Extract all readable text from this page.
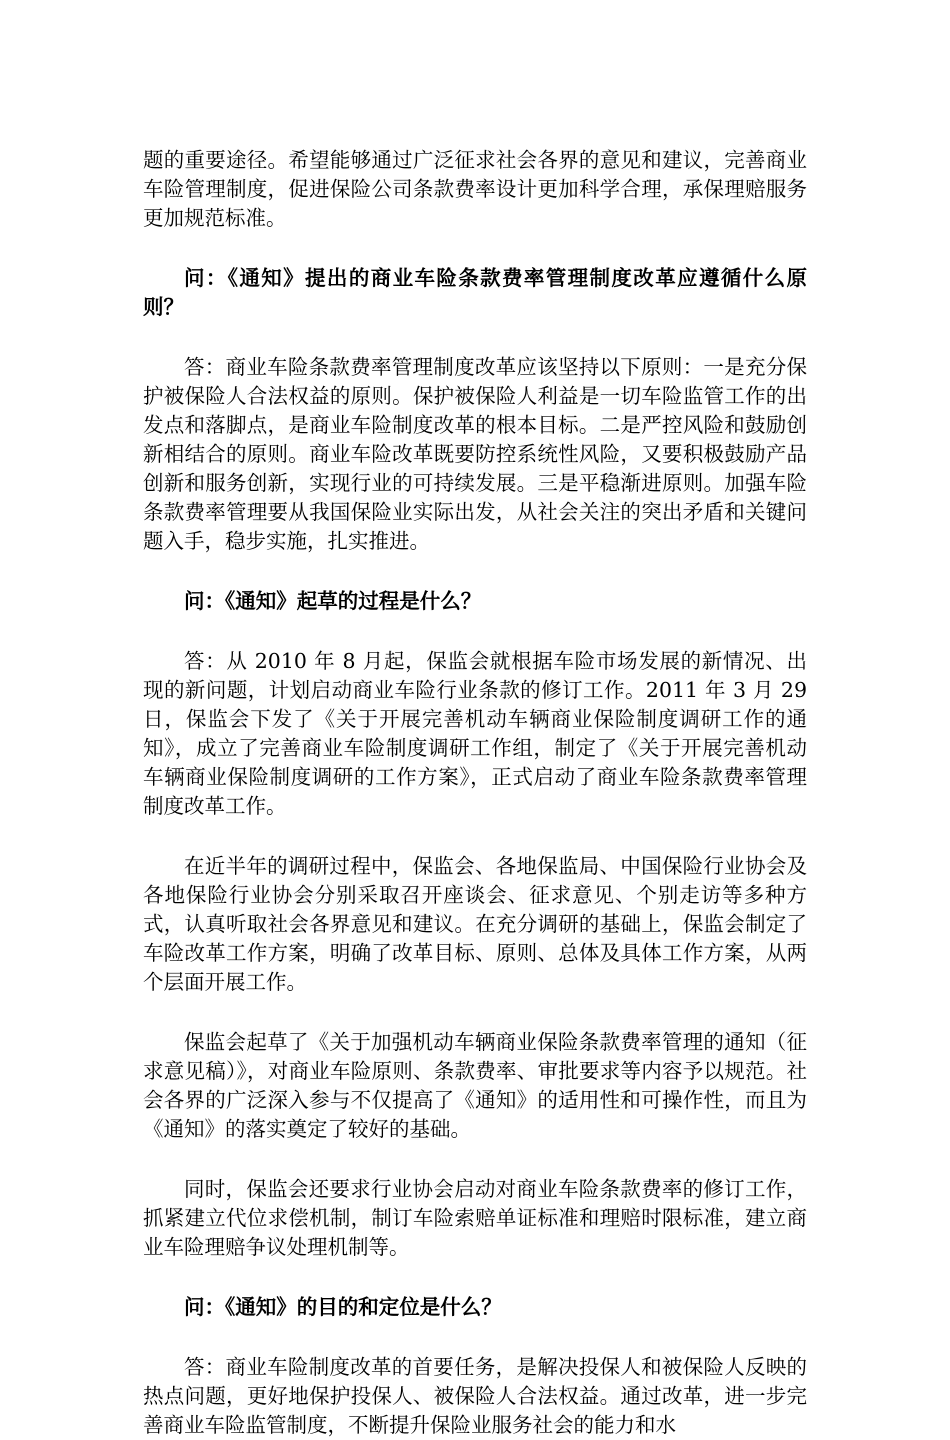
题的重要途径。希望能够通过广泛征求社会各界的意见和建议，完善商业车险管理制度，促进保险公司条款费率设计更加科学合理，承保理赔服务更加规范标准。

问：《通知》提出的商业车险条款费率管理制度改革应遵循什么原则？

答：商业车险条款费率管理制度改革应该坚持以下原则：一是充分保护被保险人合法权益的原则。保护被保险人利益是一切车险监管工作的出发点和落脚点，是商业车险制度改革的根本目标。二是严控风险和鼓励创新相结合的原则。商业车险改革既要防控系统性风险，又要积极鼓励产品创新和服务创新，实现行业的可持续发展。三是平稳渐进原则。加强车险条款费率管理要从我国保险业实际出发，从社会关注的突出矛盾和关键问题入手，稳步实施，扎实推进。

问：《通知》起草的过程是什么？

答：从 2010 年 8 月起，保监会就根据车险市场发展的新情况、出现的新问题，计划启动商业车险行业条款的修订工作。2011 年 3 月 29 日，保监会下发了《关于开展完善机动车辆商业保险制度调研工作的通知》，成立了完善商业车险制度调研工作组，制定了《关于开展完善机动车辆商业保险制度调研的工作方案》，正式启动了商业车险条款费率管理制度改革工作。

在近半年的调研过程中，保监会、各地保监局、中国保险行业协会及各地保险行业协会分别采取召开座谈会、征求意见、个别走访等多种方式，认真听取社会各界意见和建议。在充分调研的基础上，保监会制定了车险改革工作方案，明确了改革目标、原则、总体及具体工作方案，从两个层面开展工作。

保监会起草了《关于加强机动车辆商业保险条款费率管理的通知（征求意见稿）》，对商业车险原则、条款费率、审批要求等内容予以规范。社会各界的广泛深入参与不仅提高了《通知》的适用性和可操作性，而且为《通知》的落实奠定了较好的基础。

同时，保监会还要求行业协会启动对商业车险条款费率的修订工作，抓紧建立代位求偿机制，制订车险索赔单证标准和理赔时限标准，建立商业车险理赔争议处理机制等。

问：《通知》的目的和定位是什么？

答：商业车险制度改革的首要任务，是解决投保人和被保险人反映的热点问题，更好地保护投保人、被保险人合法权益。通过改革，进一步完善商业车险监管制度，不断提升保险业服务社会的能力和水
